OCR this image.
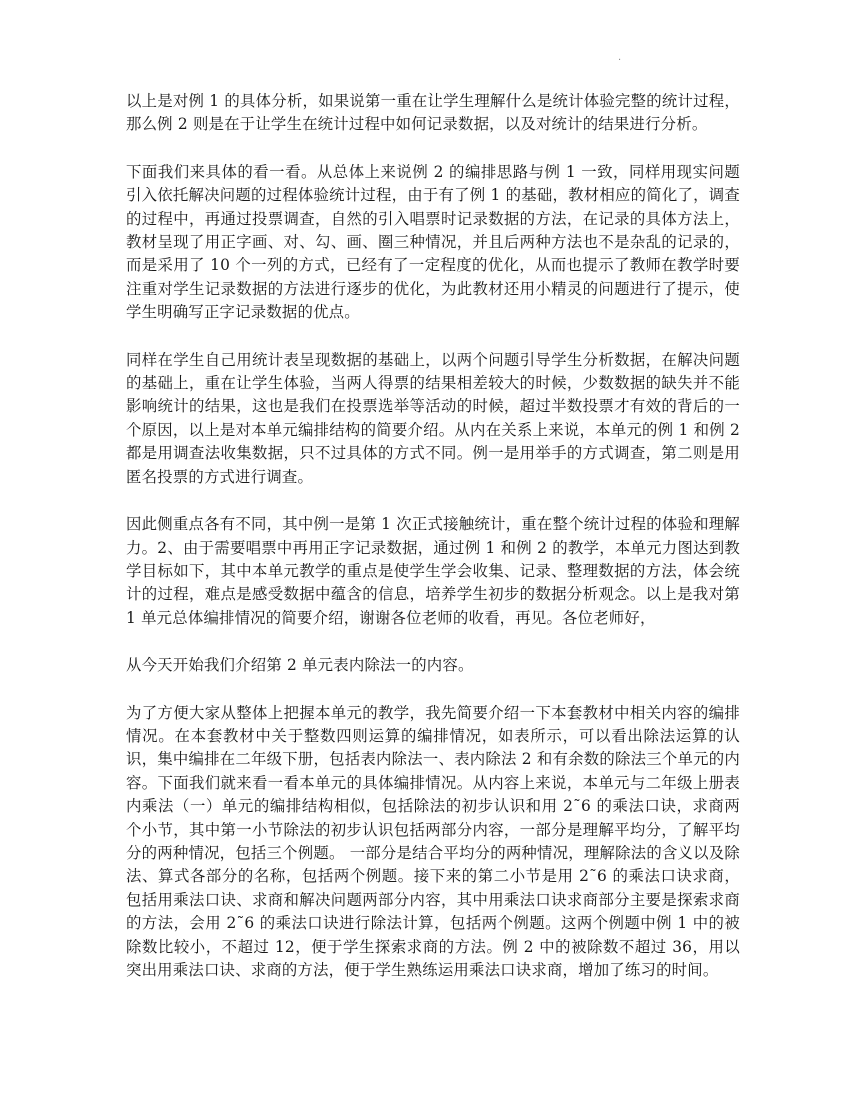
.

以上是对例 1 的具体分析，如果说第一重在让学生理解什么是统计体验完整的统计过程，那么例 2 则是在于让学生在统计过程中如何记录数据，以及对统计的结果进行分析。

下面我们来具体的看一看。从总体上来说例 2 的编排思路与例 1 一致，同样用现实问题引入依托解决问题的过程体验统计过程，由于有了例 1 的基础，教材相应的简化了，调查的过程中，再通过投票调查，自然的引入唱票时记录数据的方法，在记录的具体方法上，教材呈现了用正字画、对、勾、画、圈三种情况，并且后两种方法也不是杂乱的记录的，而是采用了 10 个一列的方式，已经有了一定程度的优化，从而也提示了教师在教学时要注重对学生记录数据的方法进行逐步的优化，为此教材还用小精灵的问题进行了提示，使学生明确写正字记录数据的优点。

同样在学生自己用统计表呈现数据的基础上，以两个问题引导学生分析数据，在解决问题的基础上，重在让学生体验，当两人得票的结果相差较大的时候，少数数据的缺失并不能影响统计的结果，这也是我们在投票选举等活动的时候，超过半数投票才有效的背后的一个原因，以上是对本单元编排结构的简要介绍。从内在关系上来说，本单元的例 1 和例 2 都是用调查法收集数据，只不过具体的方式不同。例一是用举手的方式调查，第二则是用匿名投票的方式进行调查。

因此侧重点各有不同，其中例一是第 1 次正式接触统计，重在整个统计过程的体验和理解力。2、由于需要唱票中再用正字记录数据，通过例 1 和例 2 的教学，本单元力图达到教学目标如下，其中本单元教学的重点是使学生学会收集、记录、整理数据的方法，体会统计的过程，难点是感受数据中蕴含的信息，培养学生初步的数据分析观念。以上是我对第 1 单元总体编排情况的简要介绍，谢谢各位老师的收看，再见。各位老师好，

从今天开始我们介绍第 2 单元表内除法一的内容。

为了方便大家从整体上把握本单元的教学，我先简要介绍一下本套教材中相关内容的编排情况。在本套教材中关于整数四则运算的编排情况，如表所示，可以看出除法运算的认识，集中编排在二年级下册，包括表内除法一、表内除法 2 和有余数的除法三个单元的内容。下面我们就来看一看本单元的具体编排情况。从内容上来说，本单元与二年级上册表内乘法（一）单元的编排结构相似，包括除法的初步认识和用 2˜6 的乘法口诀，求商两个小节，其中第一小节除法的初步认识包括两部分内容，一部分是理解平均分，了解平均分的两种情况，包括三个例题。 一部分是结合平均分的两种情况，理解除法的含义以及除法、算式各部分的名称，包括两个例题。接下来的第二小节是用 2˜6 的乘法口诀求商，包括用乘法口诀、求商和解决问题两部分内容，其中用乘法口诀求商部分主要是探索求商的方法，会用 2˜6 的乘法口诀进行除法计算，包括两个例题。这两个例题中例 1 中的被除数比较小，不超过 12，便于学生探索求商的方法。例 2 中的被除数不超过 36，用以突出用乘法口诀、求商的方法，便于学生熟练运用乘法口诀求商，增加了练习的时间。
